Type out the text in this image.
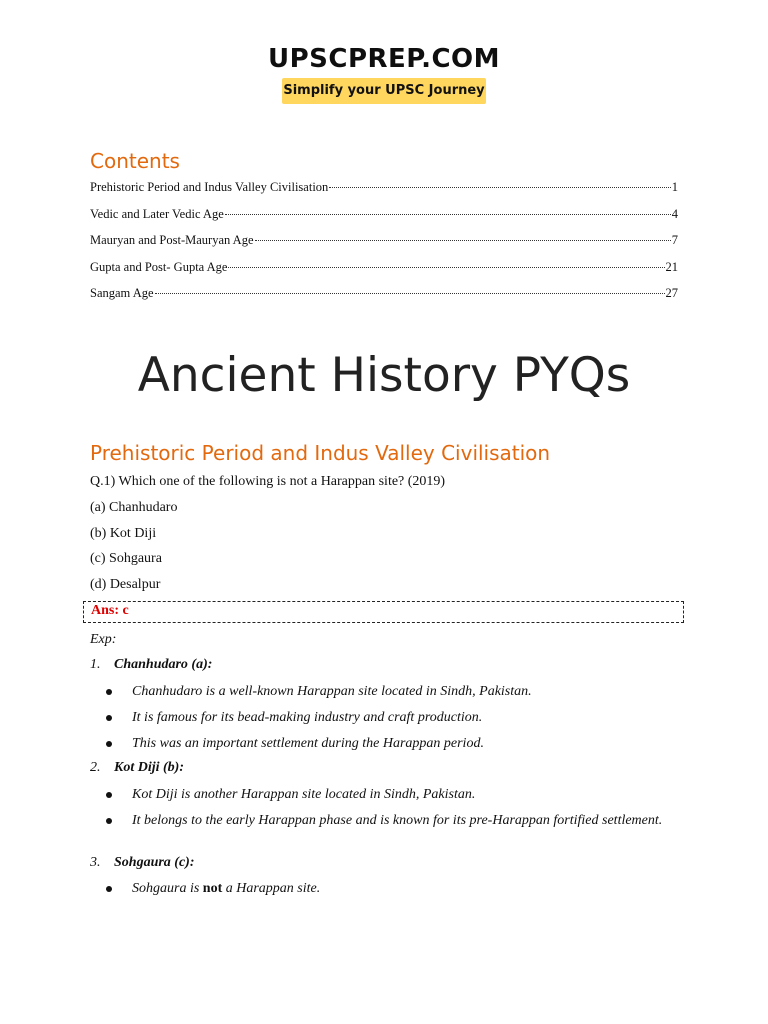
UPSCPREP.COM
Simplify your UPSC Journey
Contents
Prehistoric Period and Indus Valley Civilisation	1
Vedic and Later Vedic Age	4
Mauryan and Post-Mauryan Age	7
Gupta and Post- Gupta Age	21
Sangam Age	27
Ancient History PYQs
Prehistoric Period and Indus Valley Civilisation
Q.1) Which one of the following is not a Harappan site? (2019)
(a) Chanhudaro
(b) Kot Diji
(c) Sohgaura
(d) Desalpur
Ans: c
Exp:
1. Chanhudaro (a):
Chanhudaro is a well-known Harappan site located in Sindh, Pakistan.
It is famous for its bead-making industry and craft production.
This was an important settlement during the Harappan period.
2. Kot Diji (b):
Kot Diji is another Harappan site located in Sindh, Pakistan.
It belongs to the early Harappan phase and is known for its pre-Harappan fortified settlement.
3. Sohgaura (c):
Sohgaura is not a Harappan site.
